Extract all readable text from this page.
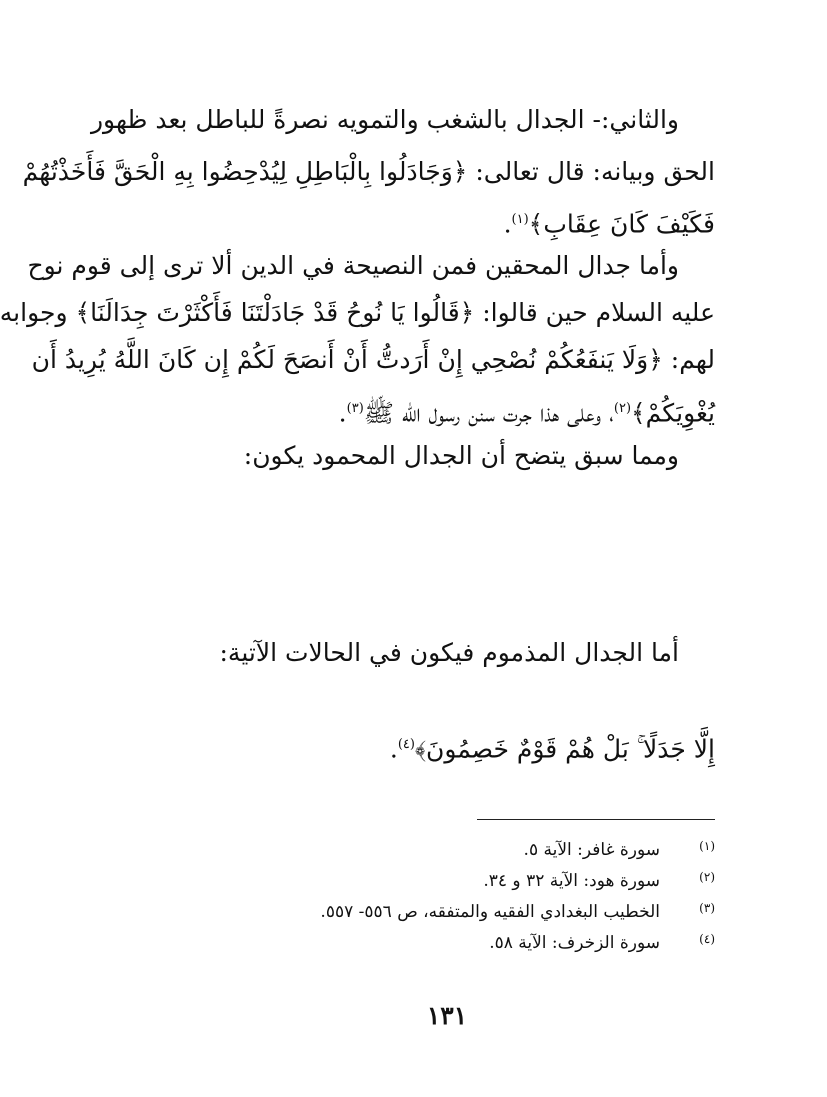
والثاني:- الجدال بالشغب والتمويه نصرةً للباطل بعد ظهور
الحق وبيانه: قال تعالى: ﴿وَجَادَلُوا بِالْبَاطِلِ لِيُدْحِضُوا بِهِ الْحَقَّ فَأَخَذْتُهُمْ
فَكَيْفَ كَانَ عِقَابِ﴾$^{(١)}$.
وأما جدال المحقين فمن النصيحة في الدين ألا ترى إلى قوم نوح
عليه السلام حين قالوا: ﴿قَالُوا يَا نُوحُ قَدْ جَادَلْتَنَا فَأَكْثَرْتَ جِدَالَنَا﴾ وجوابه
لهم: ﴿وَلَا يَنفَعُكُمْ نُصْحِي إِنْ أَرَدتُّ أَنْ أَنصَحَ لَكُمْ إِن كَانَ اللَّهُ يُرِيدُ أَن
يُغْوِيَكُمْ﴾$^{(٢)}$، وعلى هذا جرت سنن رسول الله ﷺ$^{(٣)}$.
ومما سبق يتضح أن الجدال المحمود يكون:
أما الجدال المذموم فيكون في الحالات الآتية:
إِلَّا جَدَلًا ۚ بَلْ هُمْ قَوْمٌ خَصِمُونَ﴾$^{(٤)}$.
(١)
سورة غافر: الآية ٥.
(٢)
سورة هود: الآية ٣٢ و ٣٤.
(٣)
الخطيب البغدادي الفقيه والمتفقه، ص ٥٥٦- ٥٥٧.
(٤)
سورة الزخرف: الآية ٥٨.
١٣١
